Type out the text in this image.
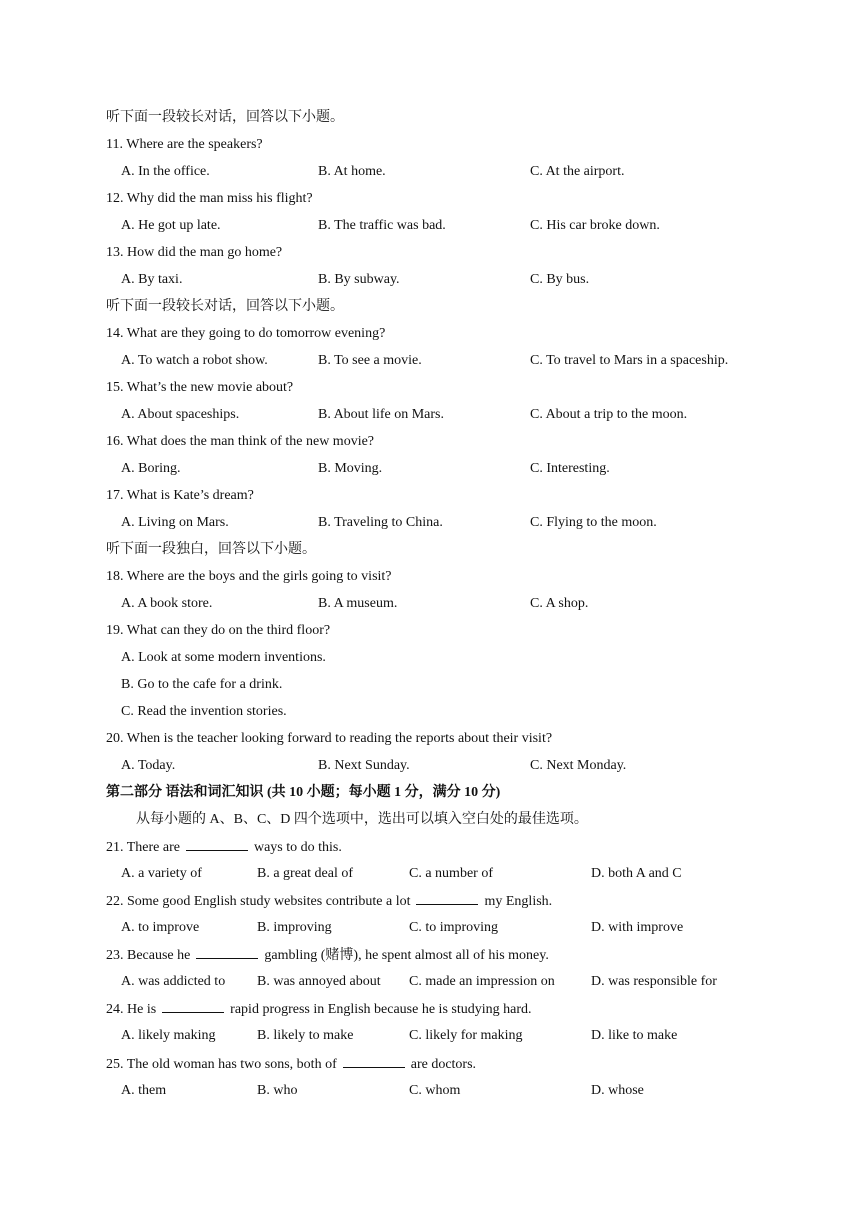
听下面一段较长对话，回答以下小题。
11. Where are the speakers?
A. In the office.	B. At home.	C. At the airport.
12. Why did the man miss his flight?
A. He got up late.	B. The traffic was bad.	C. His car broke down.
13. How did the man go home?
A. By taxi.	B. By subway.	C. By bus.
听下面一段较长对话，回答以下小题。
14. What are they going to do tomorrow evening?
A. To watch a robot show.	B. To see a movie.	C. To travel to Mars in a spaceship.
15. What’s the new movie about?
A. About spaceships.	B. About life on Mars.	C. About a trip to the moon.
16. What does the man think of the new movie?
A. Boring.	B. Moving.	C. Interesting.
17. What is Kate’s dream?
A. Living on Mars.	B. Traveling to China.	C. Flying to the moon.
听下面一段独白，回答以下小题。
18. Where are the boys and the girls going to visit?
A. A book store.	B. A museum.	C. A shop.
19. What can they do on the third floor?
A. Look at some modern inventions.
B. Go to the cafe for a drink.
C. Read the invention stories.
20. When is the teacher looking forward to reading the reports about their visit?
A. Today.	B. Next Sunday.	C. Next Monday.
第二部分 语法和词汇知识 (共 10 小题；每小题 1 分，满分 10 分)
从每小题的 A、B、C、D 四个选项中，选出可以填入空白处的最佳选项。
21. There are	ways to do this.
A. a variety of	B. a great deal of	C. a number of	D. both A and C
22. Some good English study websites contribute a lot	my English.
A. to improve	B. improving	C. to improving	D. with improve
23. Because he	gambling (赌博), he spent almost all of his money.
A. was addicted to B. was annoyed about C. made an impression on	D. was responsible for
24. He is	rapid progress in English because he is studying hard.
A. likely making	B. likely to make	C. likely for making	D. like to make
25. The old woman has two sons, both of	are doctors.
A. them	B. who	C. whom	D. whose
